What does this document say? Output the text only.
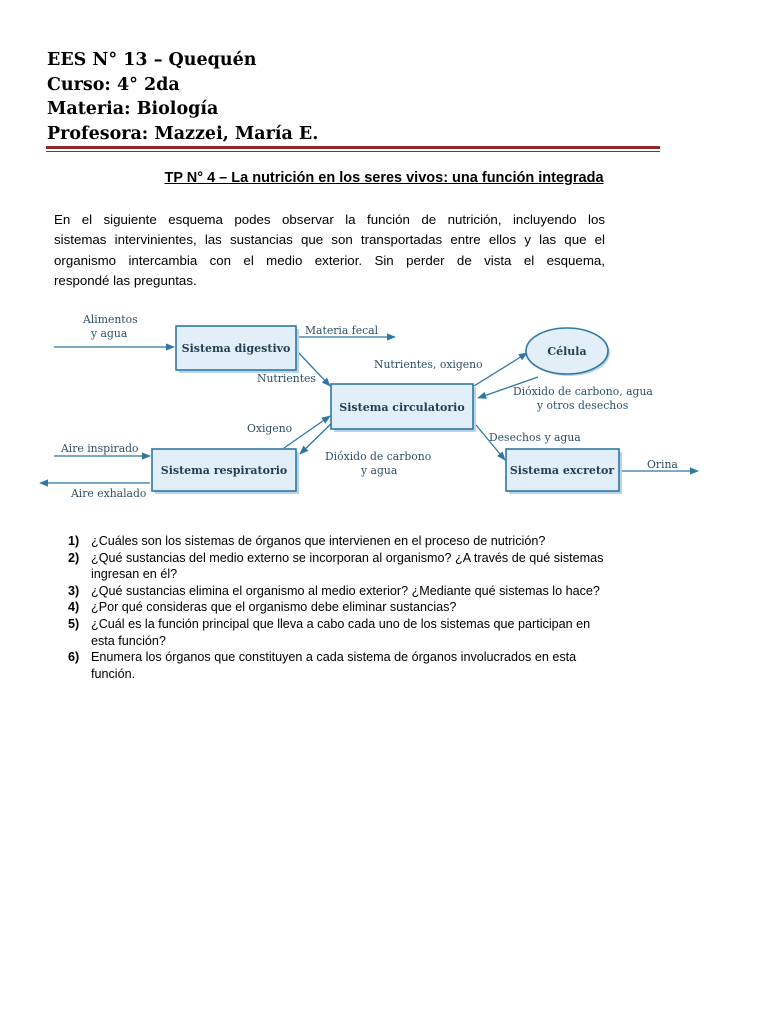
EES N° 13 – Quequén
Curso: 4° 2da
Materia: Biología
Profesora: Mazzei, María E.
TP N° 4 – La nutrición en los seres vivos: una función integrada

En el siguiente esquema podes observar la función de nutrición, incluyendo los

sistemas intervinientes, las sustancias que son transportadas entre ellos y las que el

organismo intercambia con el medio exterior. Sin perder de vista el esquema,

respondé las preguntas.

Sistema digestivo
Sistema circulatorio
Sistema respiratorio	Sistema excretor
Célula
Alimentos
y agua	Materia fecal
Nutrientes
Nutrientes, oxigeno
Dióxido de carbono, agua
y otros desechos
Oxigeno
Aire inspirado
Aire exhalado
Dióxido de carbono
y agua
Desechos y agua
Orina
1) ¿Cuáles son los sistemas de órganos que intervienen en el proceso de nutrición?
2) ¿Qué sustancias del medio externo se incorporan al organismo? ¿A través de qué sistemas
ingresan en él?
3) ¿Qué sustancias elimina el organismo al medio exterior? ¿Mediante qué sistemas lo hace?
4) ¿Por qué consideras que el organismo debe eliminar sustancias?
5) ¿Cuál es la función principal que lleva a cabo cada uno de los sistemas que participan en
esta función?
6) Enumera los órganos que constituyen a cada sistema de órganos involucrados en esta
función.
